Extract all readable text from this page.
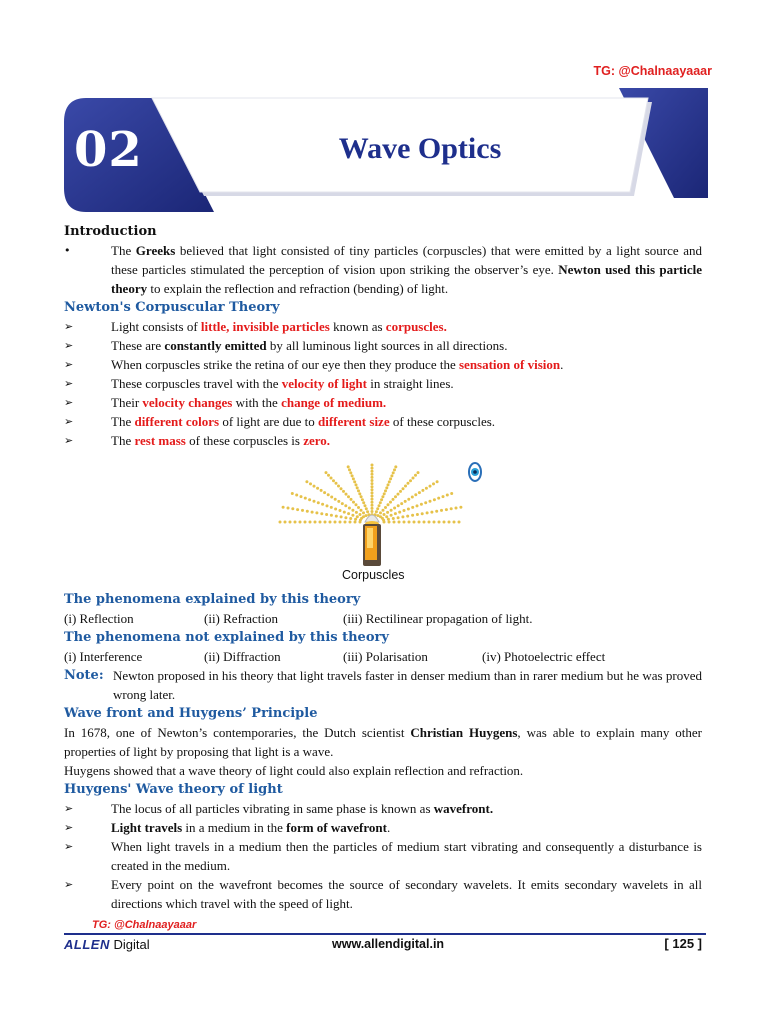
TG: @Chalnaayaaar
02	Wave Optics
Introduction
•	The Greeks believed that light consisted of tiny particles (corpuscles) that were emitted by a light source and these particles stimulated the perception of vision upon striking the observer’s eye. Newton used this particle theory to explain the reflection and refraction (bending) of light.
Newton's Corpuscular Theory
➢	Light consists of little, invisible particles known as corpuscles.
➢	These are constantly emitted by all luminous light sources in all directions.
➢	When corpuscles strike the retina of our eye then they produce the sensation of vision.
➢	These corpuscles travel with the velocity of light in straight lines.
➢	Their velocity changes with the change of medium.
➢	The different colors of light are due to different size of these corpuscles.
➢	The rest mass of these corpuscles is zero.
Corpuscles
The phenomena explained by this theory
(i) Reflection	(ii) Refraction	(iii) Rectilinear propagation of light.
The phenomena not explained by this theory
(i) Interference	(ii) Diffraction	(iii) Polarisation	(iv) Photoelectric effect
Note: Newton proposed in his theory that light travels faster in denser medium than in rarer medium but he was proved wrong later.
Wave front and Huygens’ Principle
In 1678, one of Newton’s contemporaries, the Dutch scientist Christian Huygens, was able to explain many other properties of light by proposing that light is a wave.
Huygens showed that a wave theory of light could also explain reflection and refraction.
Huygens' Wave theory of light
➢	The locus of all particles vibrating in same phase is known as wavefront.
➢	Light travels in a medium in the form of wavefront.
➢	When light travels in a medium then the particles of medium start vibrating and consequently a disturbance is created in the medium.
➢	Every point on the wavefront becomes the source of secondary wavelets. It emits secondary wavelets in all directions which travel with the speed of light.
TG: @Chalnaayaaar
ALLEN Digital	www.allendigital.in	[ 125 ]
